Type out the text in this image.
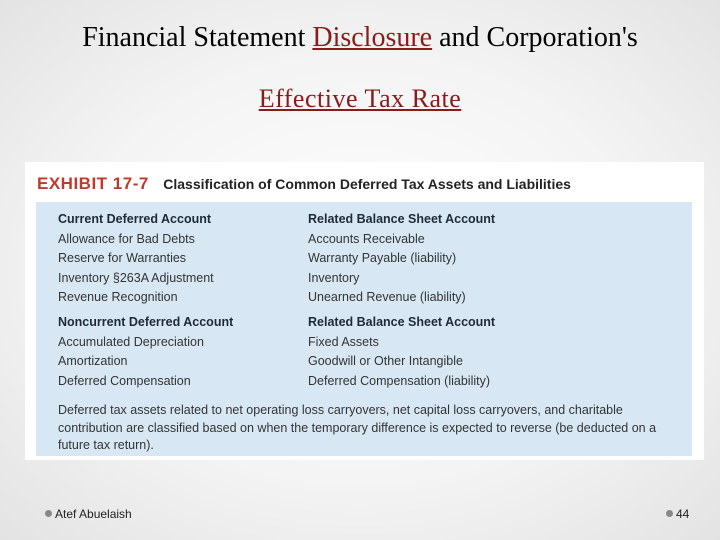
Financial Statement Disclosure and Corporation's
Effective Tax Rate
EXHIBIT 17-7 Classification of Common Deferred Tax Assets and Liabilities
Current Deferred Account
Allowance for Bad Debts
Reserve for Warranties
Inventory §263A Adjustment
Revenue Recognition
Related Balance Sheet Account
Accounts Receivable
Warranty Payable (liability)
Inventory
Unearned Revenue (liability)
Noncurrent Deferred Account
Accumulated Depreciation
Amortization
Deferred Compensation
Related Balance Sheet Account
Fixed Assets
Goodwill or Other Intangible
Deferred Compensation (liability)
Deferred tax assets related to net operating loss carryovers, net capital loss carryovers, and charitable contribution are classified based on when the temporary difference is expected to reverse (be deducted on a future tax return).
Atef Abuelaish	44
